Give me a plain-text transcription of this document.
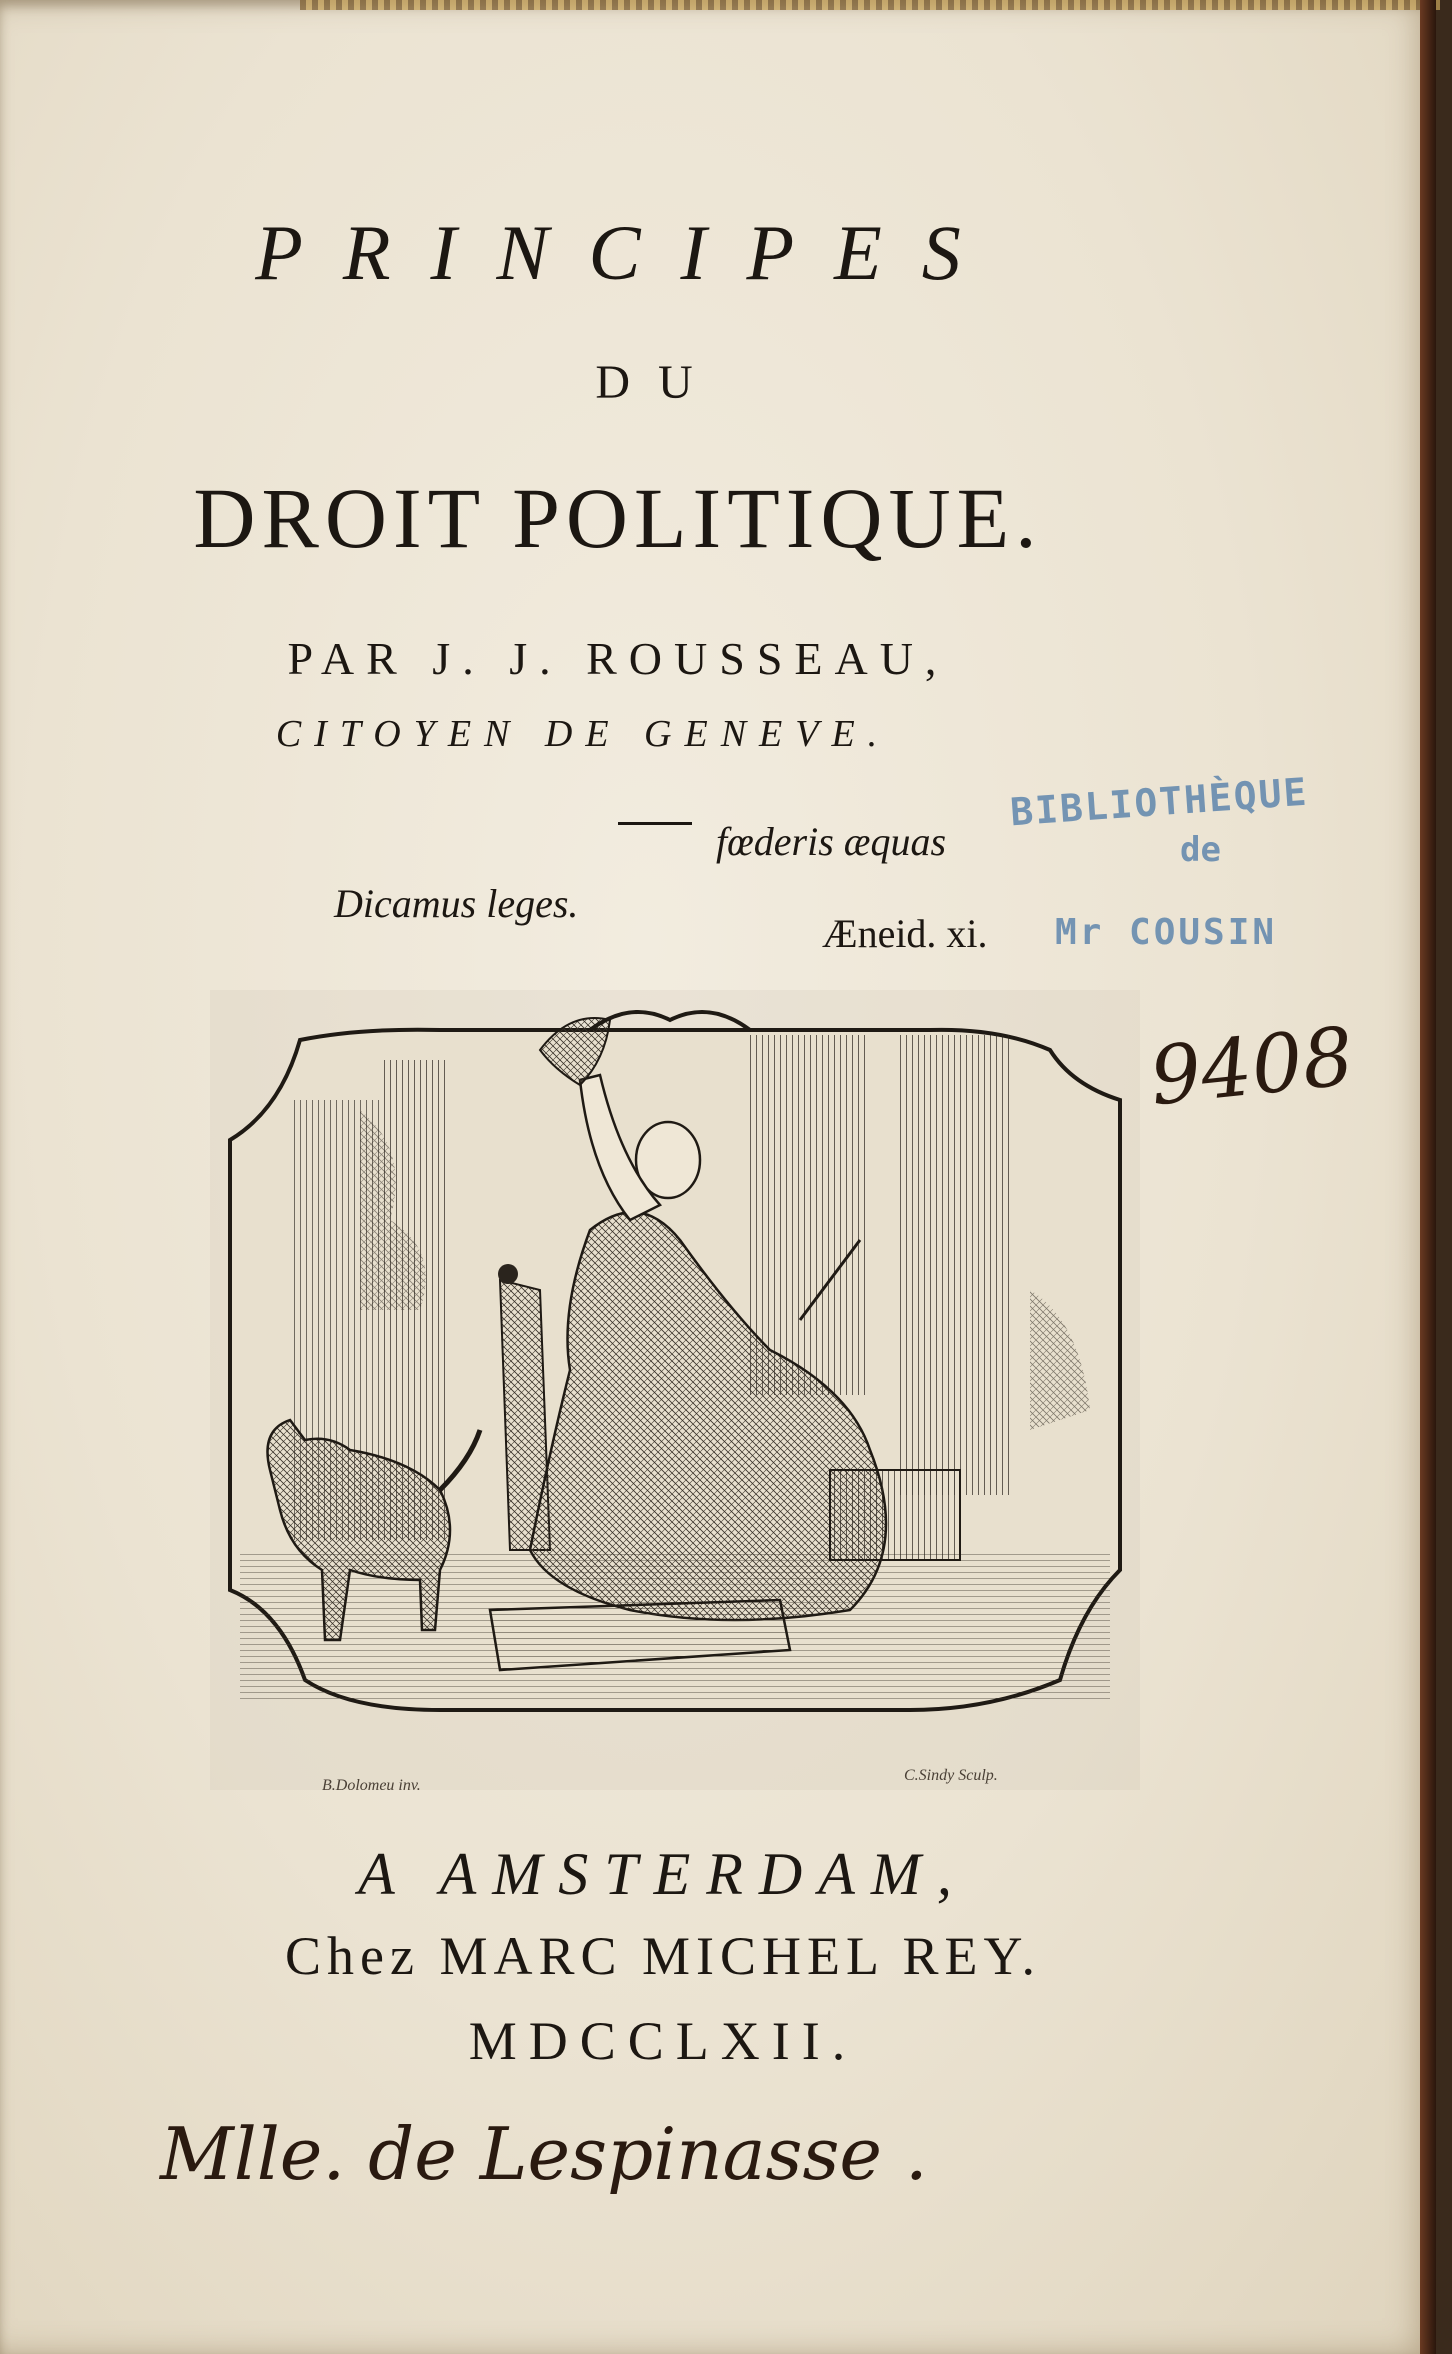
PRINCIPES
DU
DROIT POLITIQUE.
PAR J. J. ROUSSEAU,
CITOYEN DE GENEVE.
fœderis æquas
Dicamus leges.
Æneid. xi.
BIBLIOTHÈQUE
de
Mr COUSIN
9408
B.Dolomeu inv.
C.Sindy Sculp.
A AMSTERDAM,
Chez MARC MICHEL REY.
MDCCLXII.
Mlle. de Lespinasse .
